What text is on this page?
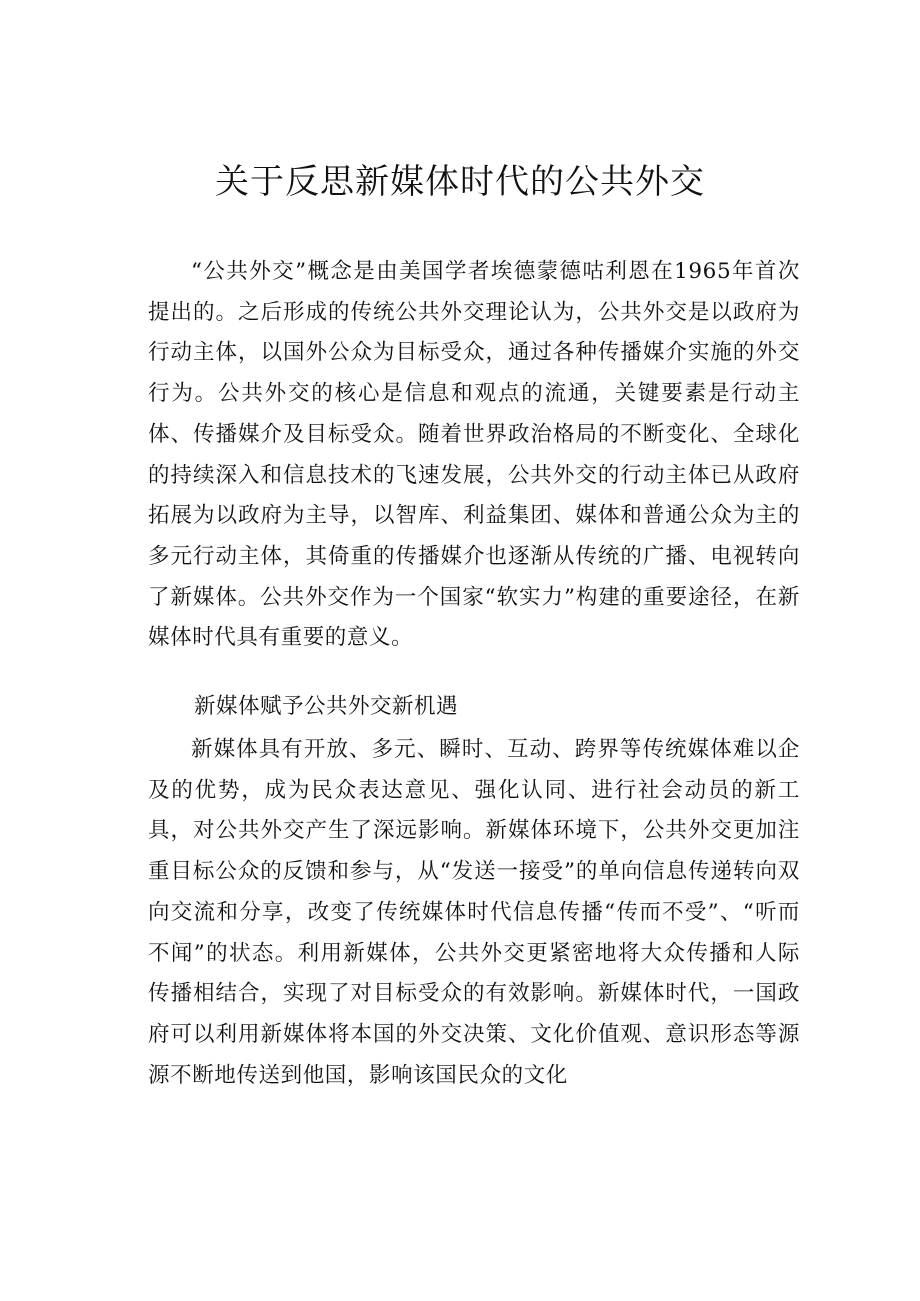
关于反思新媒体时代的公共外交

“公共外交”概念是由美国学者埃德蒙德咕利恩在1965年首次提出的。之后形成的传统公共外交理论认为，公共外交是以政府为行动主体，以国外公众为目标受众，通过各种传播媒介实施的外交行为。公共外交的核心是信息和观点的流通，关键要素是行动主体、传播媒介及目标受众。随着世界政治格局的不断变化、全球化的持续深入和信息技术的飞速发展，公共外交的行动主体已从政府拓展为以政府为主导，以智库、利益集团、媒体和普通公众为主的多元行动主体，其倚重的传播媒介也逐渐从传统的广播、电视转向了新媒体。公共外交作为一个国家“软实力”构建的重要途径，在新媒体时代具有重要的意义。

新媒体赋予公共外交新机遇

新媒体具有开放、多元、瞬时、互动、跨界等传统媒体难以企及的优势，成为民众表达意见、强化认同、进行社会动员的新工具，对公共外交产生了深远影响。新媒体环境下，公共外交更加注重目标公众的反馈和参与，从“发送一接受”的单向信息传递转向双向交流和分享，改变了传统媒体时代信息传播“传而不受”、“听而不闻”的状态。利用新媒体，公共外交更紧密地将大众传播和人际传播相结合，实现了对目标受众的有效影响。新媒体时代，一国政府可以利用新媒体将本国的外交决策、文化价值观、意识形态等源源不断地传送到他国，影响该国民众的文化
